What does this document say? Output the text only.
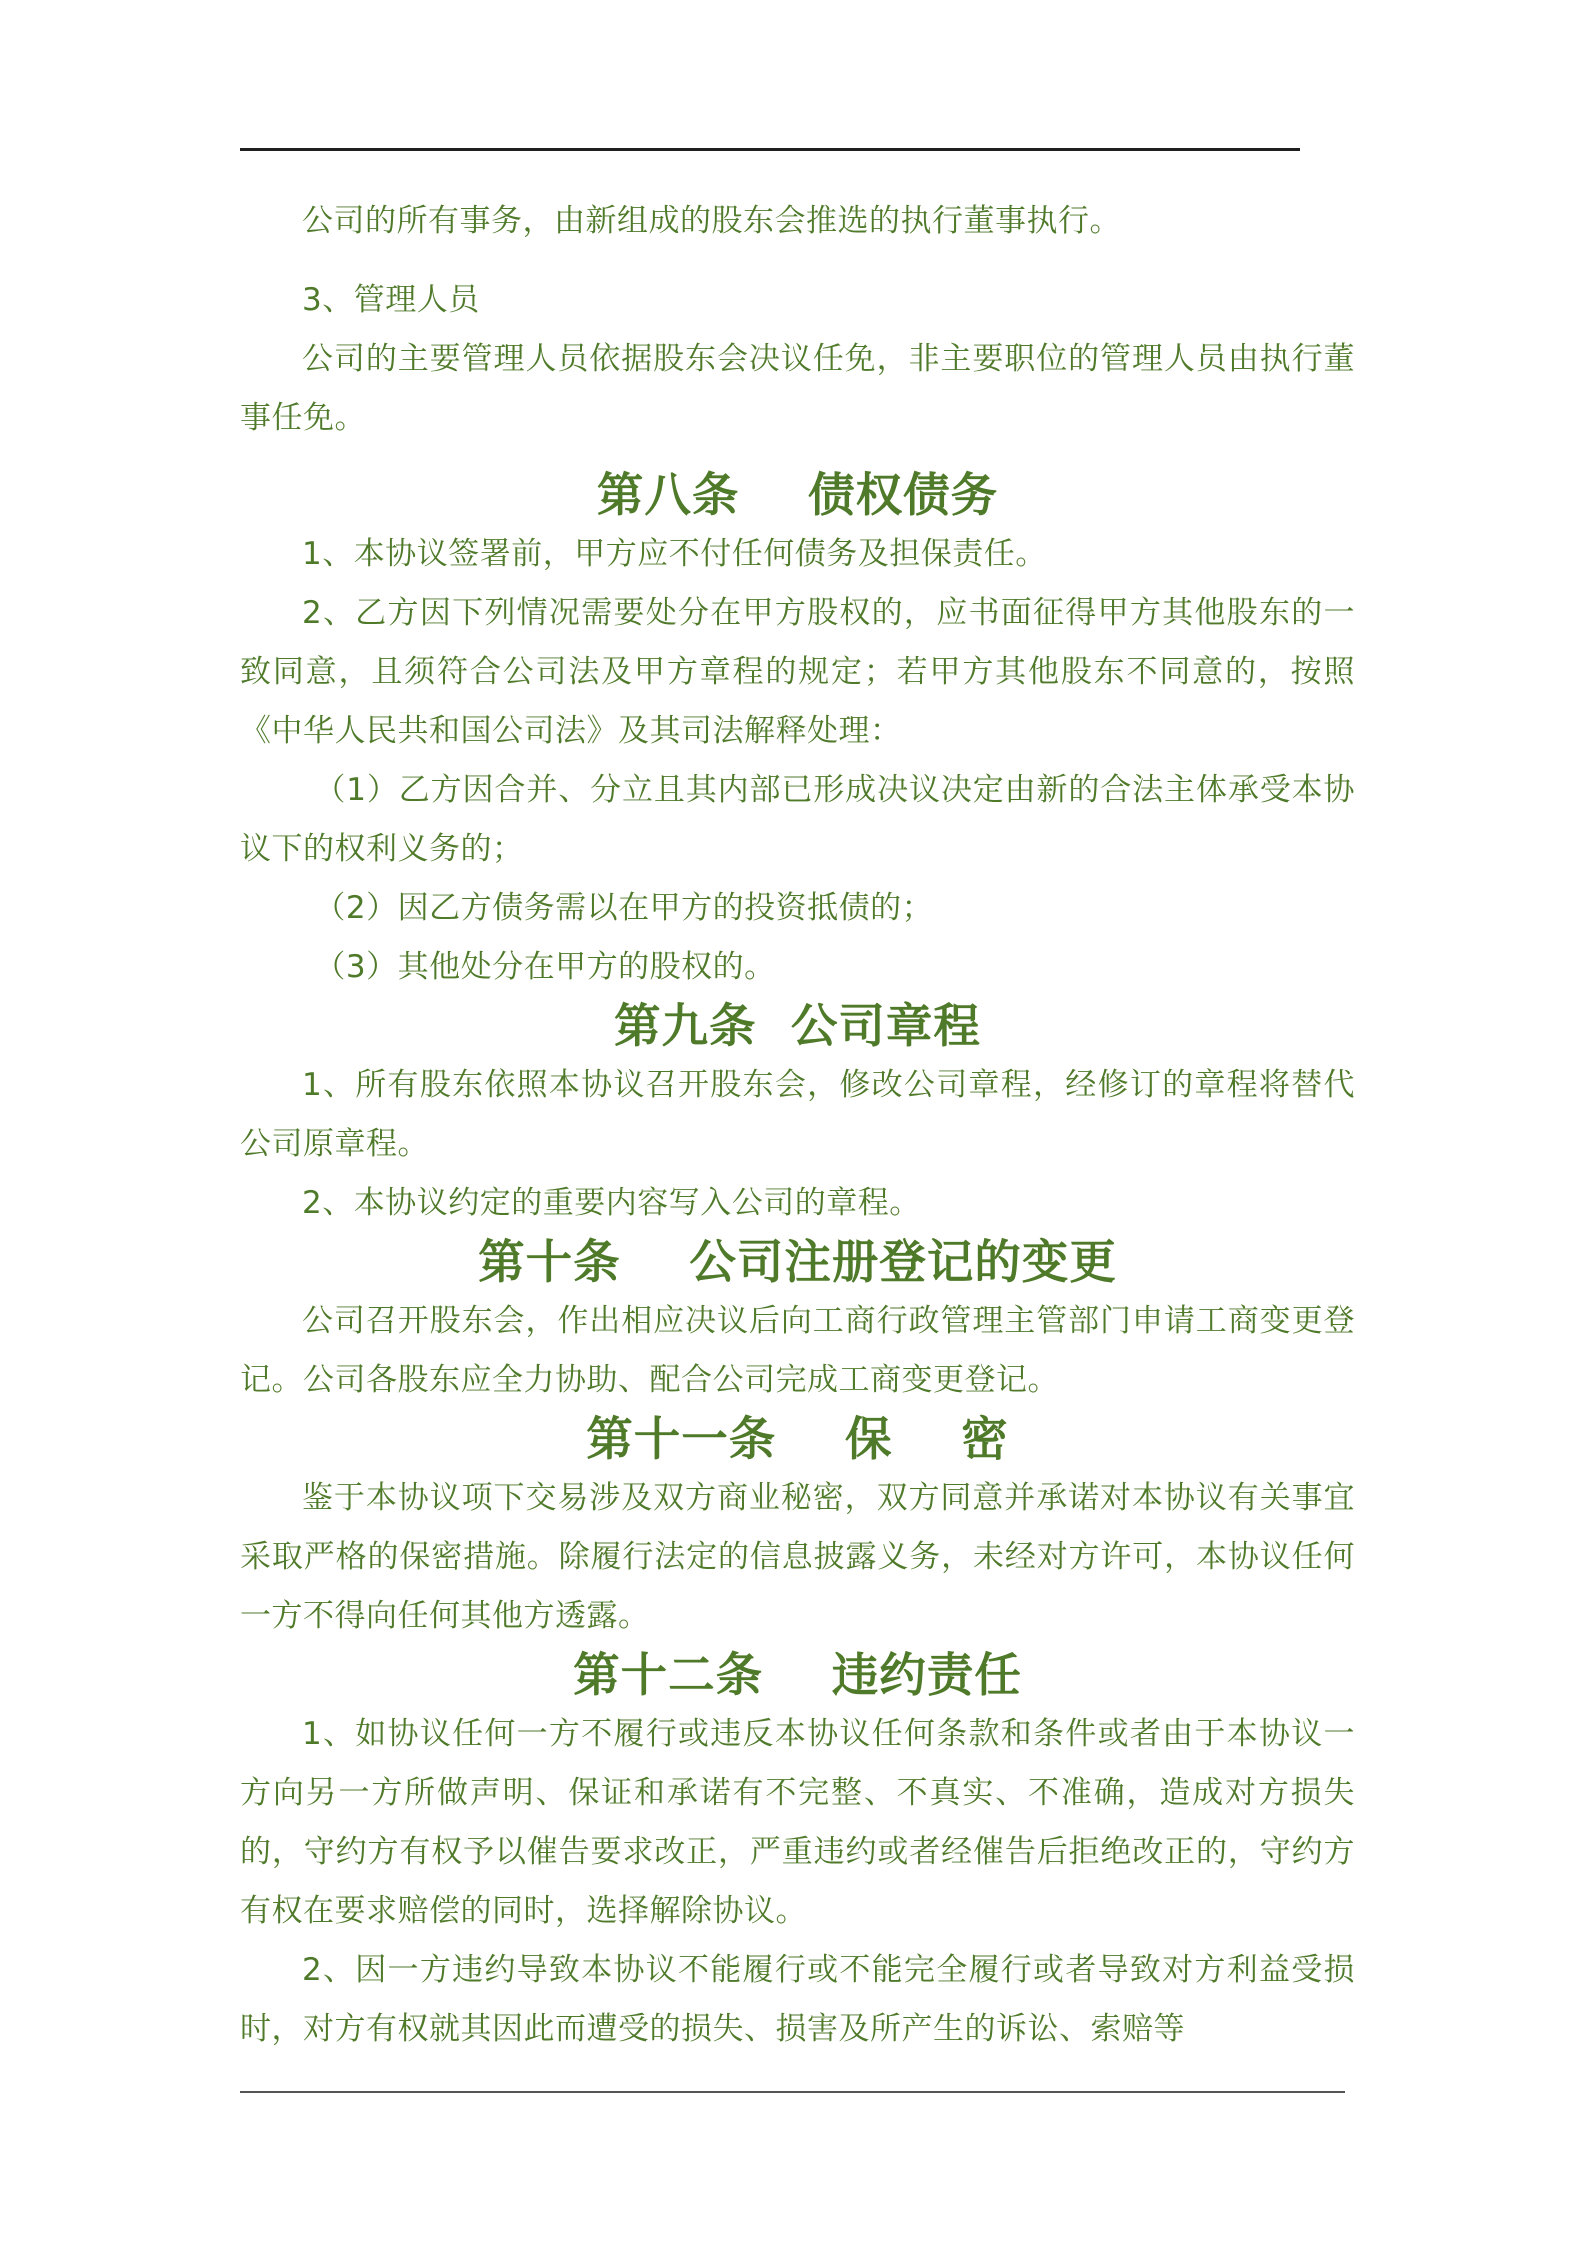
公司的所有事务，由新组成的股东会推选的执行董事执行。

3、管理人员

公司的主要管理人员依据股东会决议任免，非主要职位的管理人员由执行董事任免。

第八条    债权债务

1、本协议签署前，甲方应不付任何债务及担保责任。

2、乙方因下列情况需要处分在甲方股权的，应书面征得甲方其他股东的一致同意，且须符合公司法及甲方章程的规定；若甲方其他股东不同意的，按照《中华人民共和国公司法》及其司法解释处理：

（1）乙方因合并、分立且其内部已形成决议决定由新的合法主体承受本协议下的权利义务的；

（2）因乙方债务需以在甲方的投资抵债的；

（3）其他处分在甲方的股权的。

第九条  公司章程

1、所有股东依照本协议召开股东会，修改公司章程，经修订的章程将替代公司原章程。

2、本协议约定的重要内容写入公司的章程。

第十条    公司注册登记的变更

公司召开股东会，作出相应决议后向工商行政管理主管部门申请工商变更登记。公司各股东应全力协助、配合公司完成工商变更登记。

第十一条    保    密

鉴于本协议项下交易涉及双方商业秘密，双方同意并承诺对本协议有关事宜采取严格的保密措施。除履行法定的信息披露义务，未经对方许可，本协议任何一方不得向任何其他方透露。

第十二条    违约责任

1、如协议任何一方不履行或违反本协议任何条款和条件或者由于本协议一方向另一方所做声明、保证和承诺有不完整、不真实、不准确，造成对方损失的，守约方有权予以催告要求改正，严重违约或者经催告后拒绝改正的，守约方有权在要求赔偿的同时，选择解除协议。

2、因一方违约导致本协议不能履行或不能完全履行或者导致对方利益受损时，对方有权就其因此而遭受的损失、损害及所产生的诉讼、索赔等
